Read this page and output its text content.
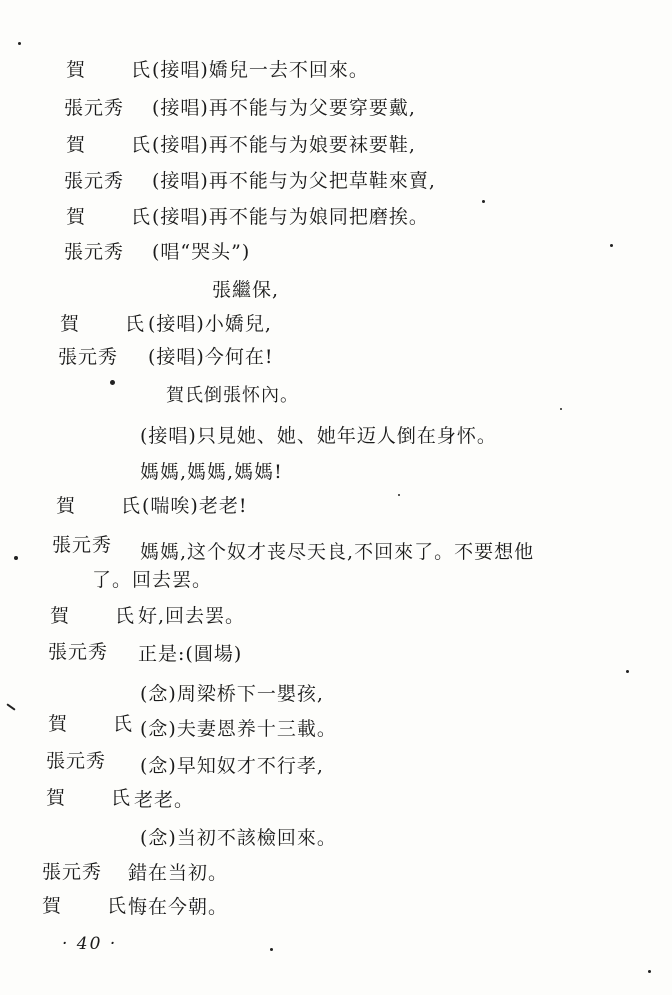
賀 氏
(接唱)嬌兒一去不回來。
張元秀 (接唱)再不能与为父要穿要戴,
賀 氏
(接唱)再不能与为娘要袜要鞋,
張元秀 (接唱)再不能与为父把草鞋來賣,
賀 氏
(接唱)再不能与为娘同把磨挨。
張元秀 (唱“哭头”)
張繼保,
賀 氏
(接唱)小嬌兒,
張元秀 (接唱)今何在!
賀氏倒張怀內。
(接唱)只見她、她、她年迈人倒在身怀。
媽媽,媽媽,媽媽!
賀 氏
(喘唉)老老!
張元秀 媽媽,这个奴才丧尽天良,不回來了。不要想他
了。回去罢。
賀 氏
好,回去罢。
張元秀 正是:(圓場)
(念)周梁桥下一嬰孩,
賀 氏
(念)夫妻恩养十三載。
張元秀 (念)早知奴才不行孝,
賀 氏
老老。
(念)当初不該檢回來。
張元秀 錯在当初。
賀 氏
悔在今朝。
· 40 ·
